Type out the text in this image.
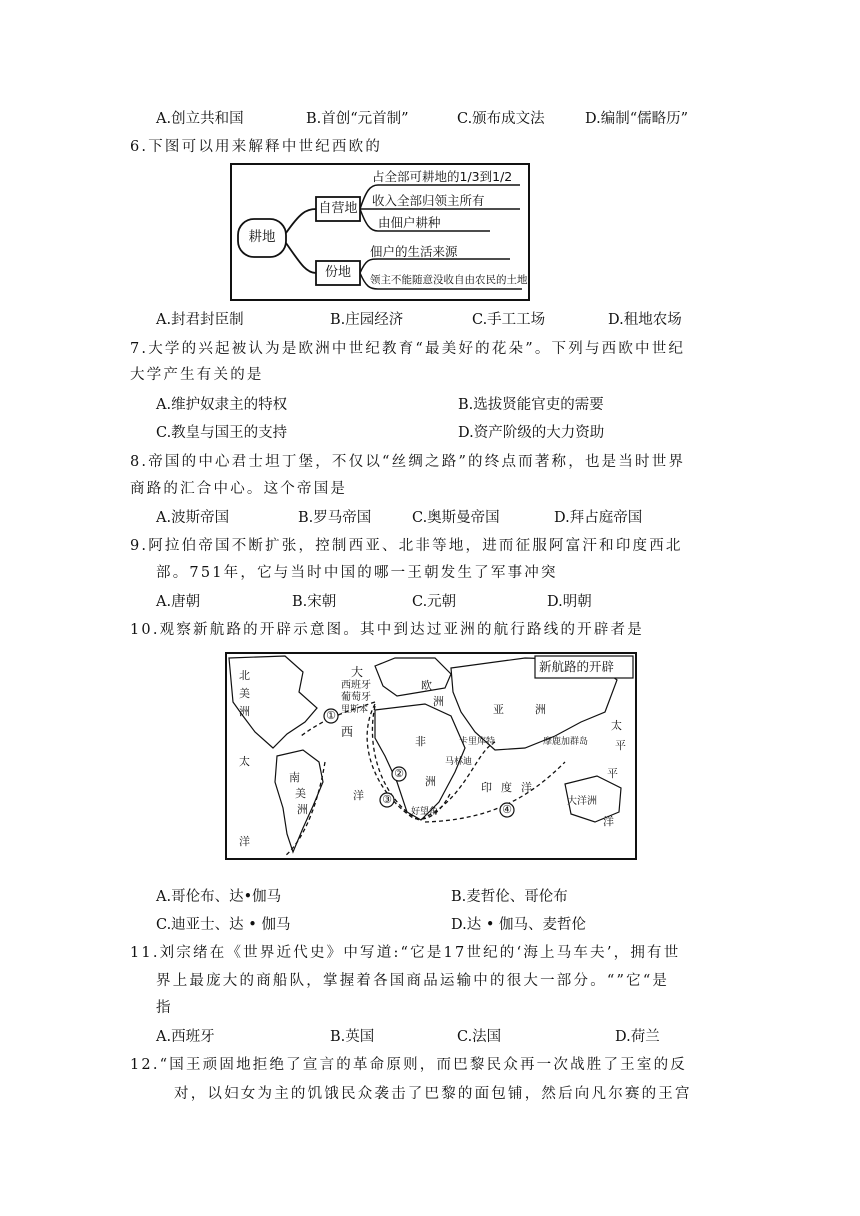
A.创立共和国	B.首创“元首制”	C.颁布成文法	D.编制“儒略历”
6.下图可以用来解释中世纪西欧的
耕地
自营地
份地
占全部可耕地的1/3到1/2
收入全部归领主所有
由佃户耕种
佃户的生活来源
领主不能随意没收自由农民的土地
A.封君封臣制	B.庄园经济	C.手工工场	D.租地农场
7.大学的兴起被认为是欧洲中世纪教育“最美好的花朵”。下列与西欧中世纪
大学产生有关的是
A.维护奴隶主的特权	B.选拔贤能官吏的需要
C.教皇与国王的支持	D.资产阶级的大力资助
8.帝国的中心君士坦丁堡，不仅以“丝绸之路”的终点而著称，也是当时世界
商路的汇合中心。这个帝国是
A.波斯帝国	B.罗马帝国	C.奥斯曼帝国	D.拜占庭帝国
9.阿拉伯帝国不断扩张，控制西亚、北非等地，进而征服阿富汗和印度西北
部。751年，它与当时中国的哪一王朝发生了军事冲突
A.唐朝	B.宋朝	C.元朝	D.明朝
10.观察新航路的开辟示意图。其中到达过亚洲的航行路线的开辟者是
新航路的开辟
北
美
洲
大
西班牙
葡萄牙
里斯本
欧
洲
亚	洲
太
西
非	卡里库特	摩鹿加群岛 平
马林迪
太
南
美
洲
洲	印 度 洋
洋
平
好望角
大洋洲
洋
洋
①
②
③
④
A.哥伦布、达•伽马	B.麦哲伦、哥伦布
C.迪亚士、达 • 伽马	D.达 • 伽马、麦哲伦
11.刘宗绪在《世界近代史》中写道:“它是17世纪的‘海上马车夫’，拥有世
界上最庞大的商船队，掌握着各国商品运输中的很大一部分。“”它“是
指
A.西班牙	B.英国	C.法国	D.荷兰
12.“国王顽固地拒绝了宣言的革命原则，而巴黎民众再一次战胜了王室的反
对，以妇女为主的饥饿民众袭击了巴黎的面包铺，然后向凡尔赛的王宫
